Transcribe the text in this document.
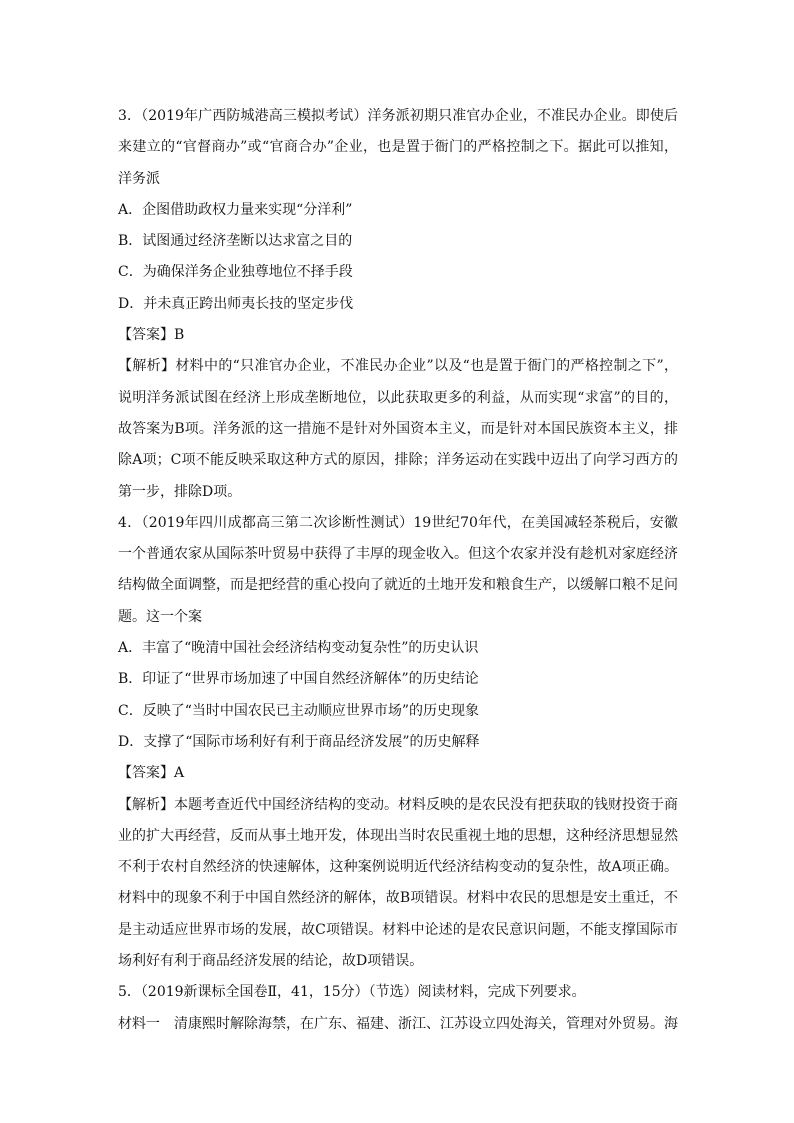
3．（2019年广西防城港高三模拟考试）洋务派初期只准官办企业，不准民办企业。即使后来建立的“官督商办”或“官商合办”企业，也是置于衙门的严格控制之下。据此可以推知，洋务派
A．企图借助政权力量来实现“分洋利”
B．试图通过经济垄断以达求富之目的
C．为确保洋务企业独尊地位不择手段
D．并未真正跨出师夷长技的坚定步伐
【答案】B
【解析】材料中的“只准官办企业，不准民办企业”以及“也是置于衙门的严格控制之下”，说明洋务派试图在经济上形成垄断地位，以此获取更多的利益，从而实现“求富”的目的，故答案为B项。洋务派的这一措施不是针对外国资本主义，而是针对本国民族资本主义，排除A项；C项不能反映采取这种方式的原因，排除；洋务运动在实践中迈出了向学习西方的第一步，排除D项。
4．（2019年四川成都高三第二次诊断性测试）19世纪70年代，在美国减轻茶税后，安徽一个普通农家从国际茶叶贸易中获得了丰厚的现金收入。但这个农家并没有趁机对家庭经济结构做全面调整，而是把经营的重心投向了就近的土地开发和粮食生产，以缓解口粮不足问题。这一个案
A．丰富了“晚清中国社会经济结构变动复杂性”的历史认识
B．印证了“世界市场加速了中国自然经济解体”的历史结论
C．反映了“当时中国农民已主动顺应世界市场”的历史现象
D．支撑了“国际市场利好有利于商品经济发展”的历史解释
【答案】A
【解析】本题考查近代中国经济结构的变动。材料反映的是农民没有把获取的钱财投资于商业的扩大再经营，反而从事土地开发，体现出当时农民重视土地的思想，这种经济思想显然不利于农村自然经济的快速解体，这种案例说明近代经济结构变动的复杂性，故A项正确。材料中的现象不利于中国自然经济的解体，故B项错误。材料中农民的思想是安土重迁，不是主动适应世界市场的发展，故C项错误。材料中论述的是农民意识问题，不能支撑国际市场利好有利于商品经济发展的结论，故D项错误。
5．（2019新课标全国卷Ⅱ，41，15分）（节选）阅读材料，完成下列要求。
材料一　清康熙时解除海禁，在广东、福建、浙江、江苏设立四处海关，管理对外贸易。海
